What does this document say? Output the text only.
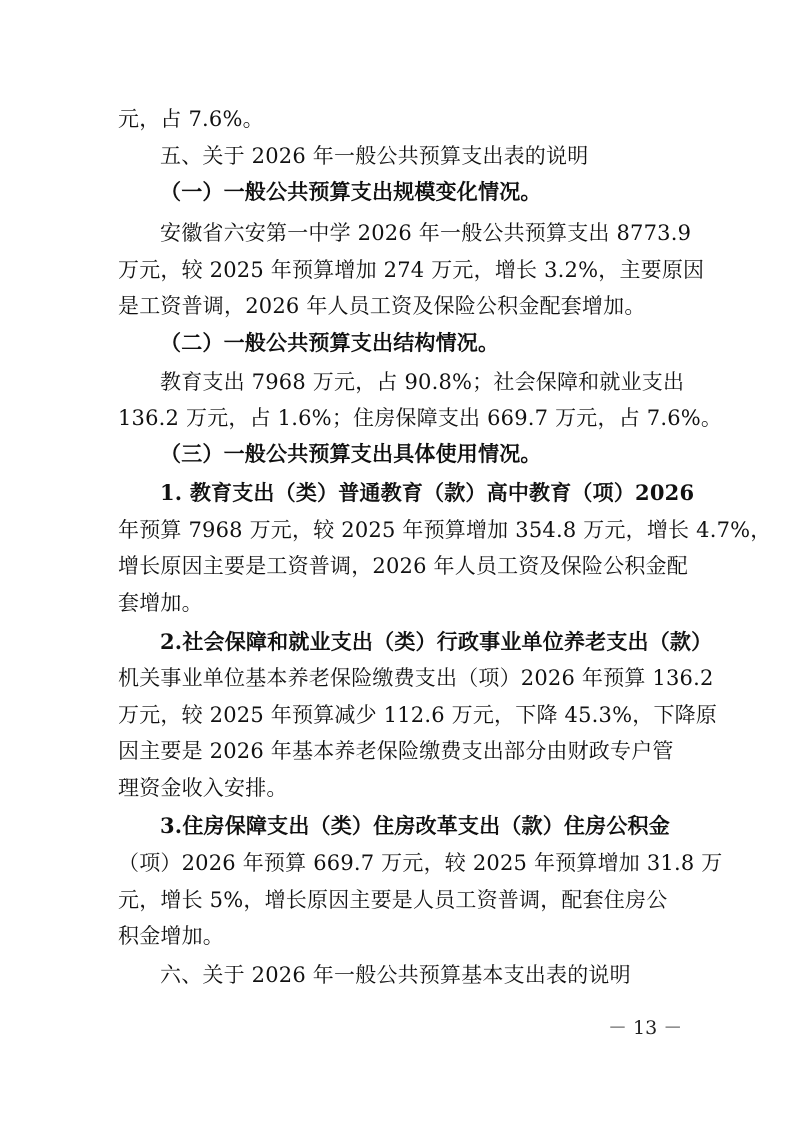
元，占 7.6%。
五、关于 2026 年一般公共预算支出表的说明
（一）一般公共预算支出规模变化情况。
安徽省六安第一中学 2026 年一般公共预算支出 8773.9
万元，较 2025 年预算增加 274 万元，增长 3.2%，主要原因
是工资普调，2026 年人员工资及保险公积金配套增加。
（二）一般公共预算支出结构情况。
教育支出 7968 万元，占 90.8%；社会保障和就业支出
136.2 万元，占 1.6%；住房保障支出 669.7 万元，占 7.6%。
（三）一般公共预算支出具体使用情况。
1. 教育支出（类）普通教育（款）高中教育（项）2026
年预算 7968 万元，较 2025 年预算增加 354.8 万元，增长 4.7%，
增长原因主要是工资普调，2026 年人员工资及保险公积金配
套增加。
2.社会保障和就业支出（类）行政事业单位养老支出（款）
机关事业单位基本养老保险缴费支出（项）2026 年预算 136.2
万元，较 2025 年预算减少 112.6 万元，下降 45.3%，下降原
因主要是 2026 年基本养老保险缴费支出部分由财政专户管
理资金收入安排。
3.住房保障支出（类）住房改革支出（款）住房公积金
（项）2026 年预算 669.7 万元，较 2025 年预算增加 31.8 万
元，增长 5%，增长原因主要是人员工资普调，配套住房公
积金增加。
六、关于 2026 年一般公共预算基本支出表的说明
－ 13 －
